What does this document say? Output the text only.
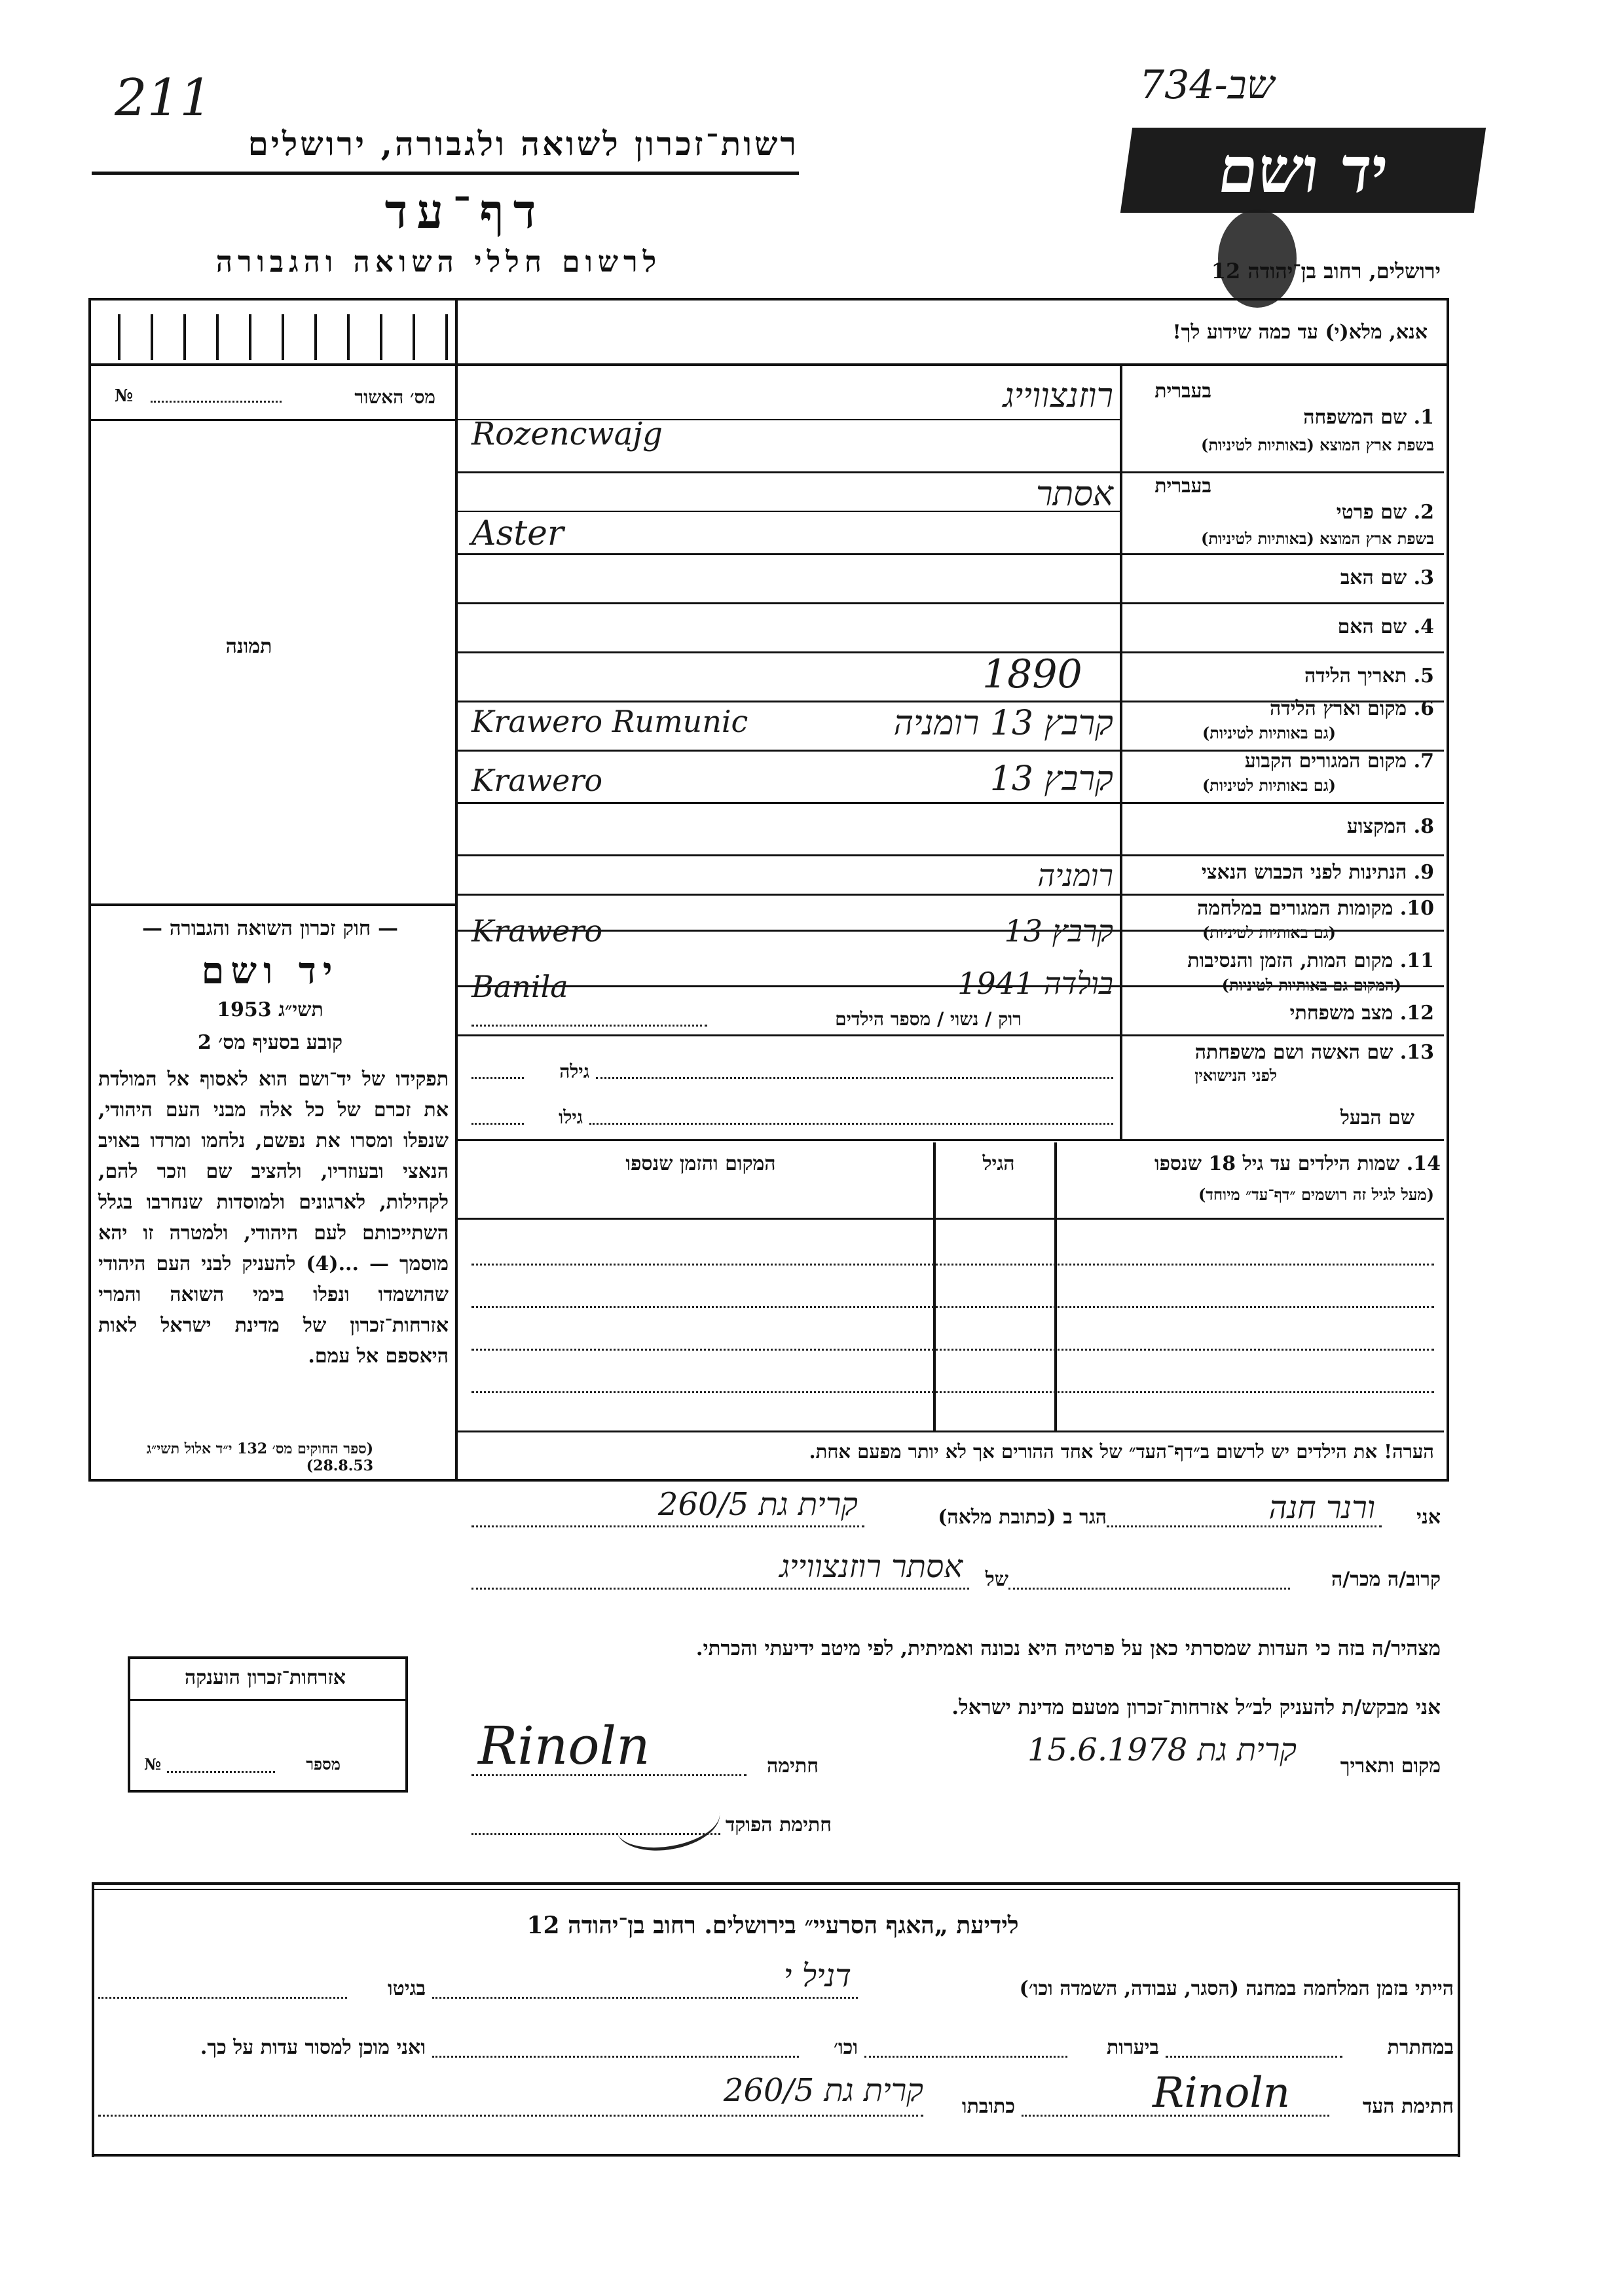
211	734-שב
רשות־זכרון לשואה ולגבורה, ירושלים
דף־עד
לרשום חללי השואה והגבורה
יד ושם
ירושלים, רחוב בן־יהודה 12
אנא, מלא(י) עד כמה שידוע לך!
מס׳ האשור
№
תמונה
— חוק זכרון השואה והגבורה —
יד ושם
תשי״ג 1953
קובע בסעיף מס׳ 2
תפקידו של יד־ושם הוא לאסוף אל המולדת את זכרם של כל אלה מבני העם היהודי, שנפלו ומסרו את נפשם, נלחמו ומרדו באויב הנאצי ובעוזריו, ולהציב שם וזכר להם, לקהילות, לארגונים ולמוסדות שנחרבו בגלל השתייכותם לעם היהודי, ולמטרה זו יהא מוסמך — ...(4) להעניק לבני העם היהודי שהושמדו ונפלו בימי השואה והמרי אזרחות־זכרון של מדינת ישראל לאות היאספם אל עמם.
(ספר החוקים מס׳ 132 י״ד אלול תשי״ג 28.8.53)
בעברית
1. שם המשפחה
בשפת ארץ המוצא (באותיות לטיניות)
רוזנצווייג
Rozencwajg
בעברית
2. שם פרטי
בשפת ארץ המוצא (באותיות לטיניות)
אסתר
Aster
3. שם האב
4. שם האם
5. תאריך הלידה
1890
6. מקום וארץ הלידה
(גם באותיות לטיניות)
קרבץ 13 רומניה
Krawero Rumunic
7. מקום המגורים הקבוע
(גם באותיות לטיניות)
קרבץ 13
Krawero
8. המקצוע
9. הנתינות לפני הכבוש הנאצי
רומניה
10. מקומות המגורים במלחמה
(גם באותיות לטיניות)
קרבץ 13
Krawero
11. מקום המות, הזמן והנסיבות
(המקום גם באותיות לטיניות)
בולדה 1941
Banila
12. מצב משפחתי
רוק / נשוי / מספר הילדים
13. שם האשה ושם משפחתה
לפני הנישואין
גילה
שם הבעל
גילו
14. שמות הילדים עד גיל 18 שנספו
(מעל לגיל זה רושמים ״דף־עד״ מיוחד)
הגיל
המקום והזמן שנספו
הערה! את הילדים יש לרשום ב״דף־העד״ של אחד ההורים אך לא יותר מפעם אחת.
אני
ורנר חנה
הגר ב (כתובת מלאה)
קרית גת 260/5
קרוב/ה מכר/ה
של
אסתר רוזנצווייג
מצהיר/ה בזה כי העדות שמסרתי כאן על פרטיה היא נכונה ואמיתית, לפי מיטב ידיעתי והכרתי.
אני מבקש/ת להעניק לב״ל אזרחות־זכרון מטעם מדינת ישראל.
מקום ותאריך
קרית גת 15.6.1978
חתימה
Rinoln
חתימת הפוקד
אזרחות־זכרון הוענקה
מספר
№
לידיעת „האגף הסרעיי״ בירושלים. רחוב בן־יהודה 12
הייתי בזמן המלחמה במחנה (הסגר, עבודה, השמדה וכו׳)
דניל י
בגיטו
במחתרת
ביערות
וכו׳
ואני מוכן למסור עדות על כך.
חתימת העד
Rinoln
כתובתו
קרית גת 260/5
